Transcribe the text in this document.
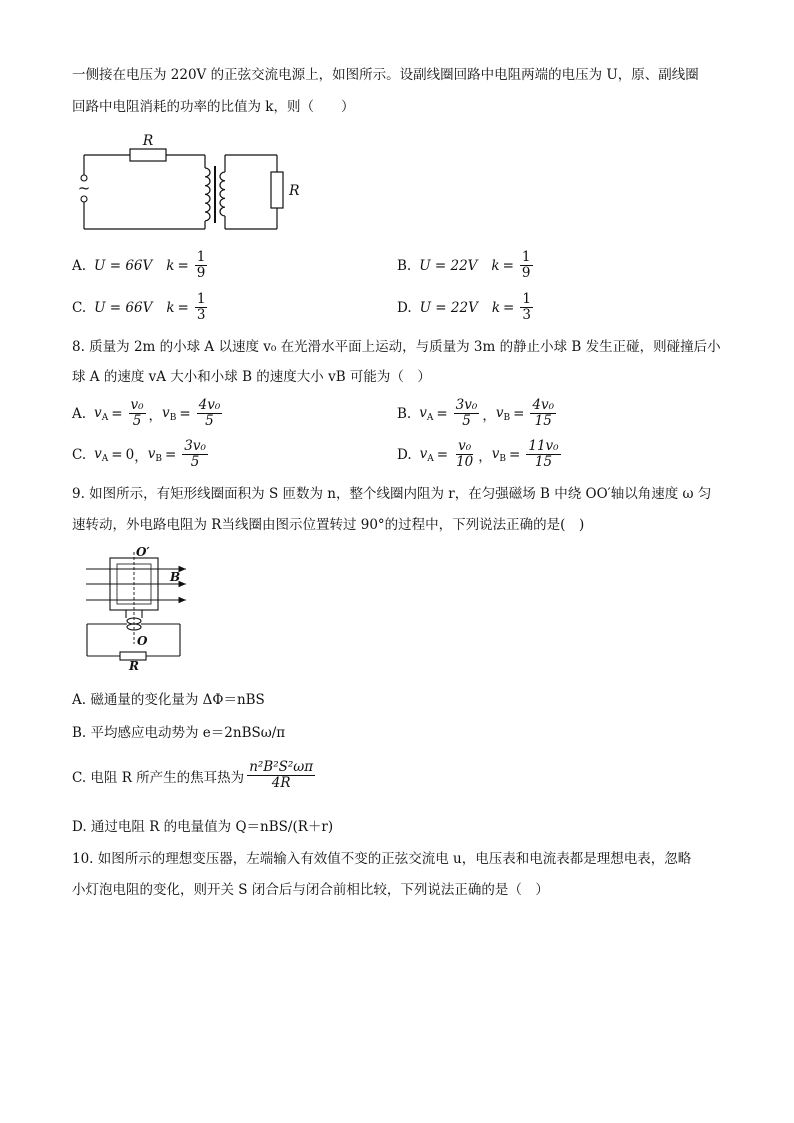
一侧接在电压为 220V 的正弦交流电源上，如图所示。设副线圈回路中电阻两端的电压为 U，原、副线圈
回路中电阻消耗的功率的比值为 k，则（　　）
~
R
R
A. U = 66V $k = \frac{1}{9}$	B. U = 22V $k = \frac{1}{9}$
C. U = 66V $k = \frac{1}{3}$	D. U = 22V $k = \frac{1}{3}$
8. 质量为 2m 的小球 A 以速度 v₀ 在光滑水平面上运动，与质量为 3m 的静止小球 B 发生正碰，则碰撞后小
球 A 的速度 vA 大小和小球 B 的速度大小 vB 可能为（　）
A. $v_A = \frac{\text{v₀}}{5}$ ， $v_B = \frac{\text{4v₀}}{5}$	B. $v_A = \frac{\text{3v₀}}{5}$ ， $v_B = \frac{\text{4v₀}}{15}$
C. $v_A = 0$ ， $v_B = \frac{\text{3v₀}}{5}$	D. $v_A = \frac{\text{v₀}}{10}$ ， $v_B = \frac{\text{11v₀}}{15}$
9. 如图所示，有矩形线圈面积为 S 匝数为 n，整个线圈内阻为 r，在匀强磁场 B 中绕 OO′轴以角速度 ω 匀
速转动，外电路电阻为 R当线圈由图示位置转过 90°的过程中，下列说法正确的是(　)
O′
B
O
R
A. 磁通量的变化量为 ΔΦ＝nBS
B. 平均感应电动势为 e＝2nBSω/π
C. 电阻 R 所产生的焦耳热为 $\frac{\text{n²B²S²ωπ}}{4R}$
D. 通过电阻 R 的电量值为 Q＝nBS/(R＋r)
10. 如图所示的理想变压器，左端输入有效值不变的正弦交流电 u，电压表和电流表都是理想电表，忽略
小灯泡电阻的变化，则开关 S 闭合后与闭合前相比较，下列说法正确的是（　）
